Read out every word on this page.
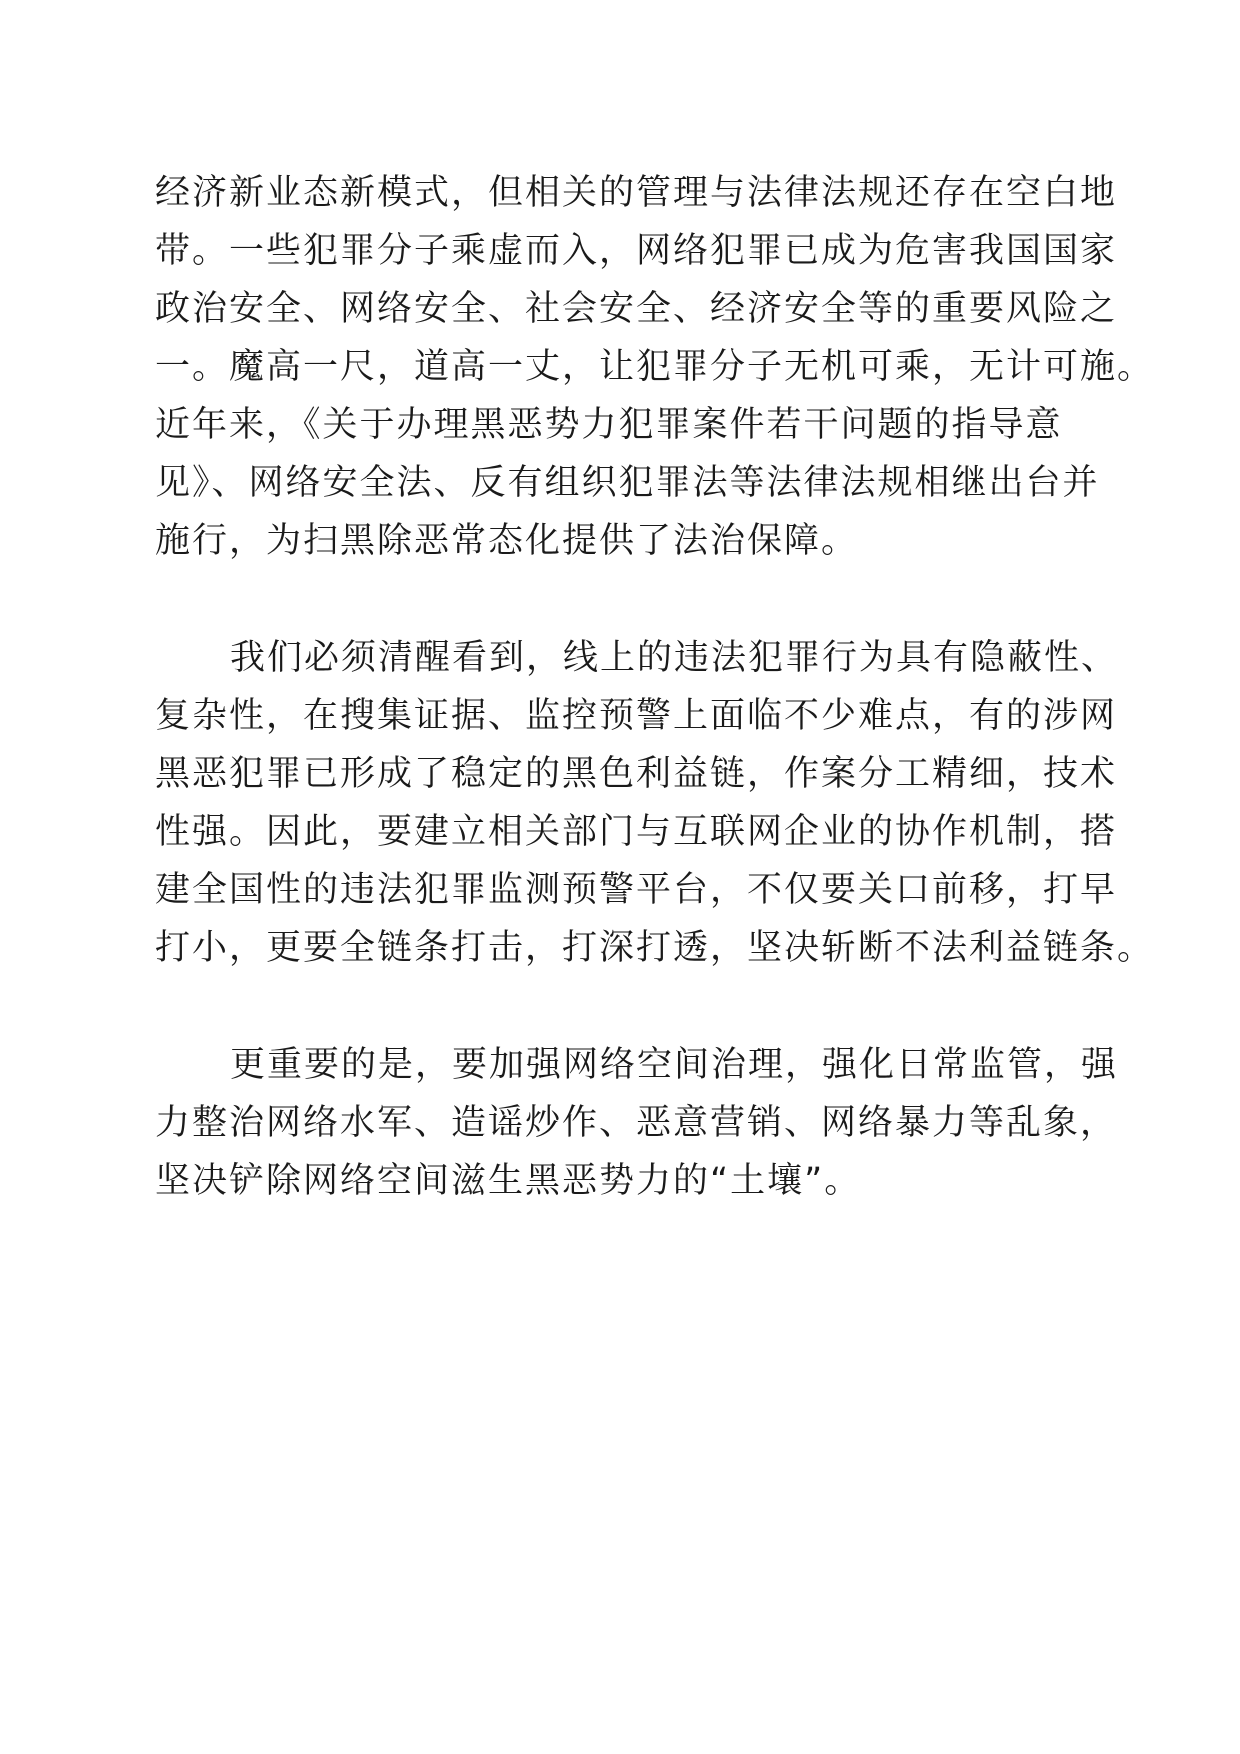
经济新业态新模式，但相关的管理与法律法规还存在空白地

带。一些犯罪分子乘虚而入，网络犯罪已成为危害我国国家

政治安全、网络安全、社会安全、经济安全等的重要风险之

一。魔高一尺，道高一丈，让犯罪分子无机可乘，无计可施。

近年来，《关于办理黑恶势力犯罪案件若干问题的指导意

见》、网络安全法、反有组织犯罪法等法律法规相继出台并

施行，为扫黑除恶常态化提供了法治保障。

我们必须清醒看到，线上的违法犯罪行为具有隐蔽性、

复杂性，在搜集证据、监控预警上面临不少难点，有的涉网

黑恶犯罪已形成了稳定的黑色利益链，作案分工精细，技术

性强。因此，要建立相关部门与互联网企业的协作机制，搭

建全国性的违法犯罪监测预警平台，不仅要关口前移，打早

打小，更要全链条打击，打深打透，坚决斩断不法利益链条。

更重要的是，要加强网络空间治理，强化日常监管，强

力整治网络水军、造谣炒作、恶意营销、网络暴力等乱象，

坚决铲除网络空间滋生黑恶势力的“土壤”。
